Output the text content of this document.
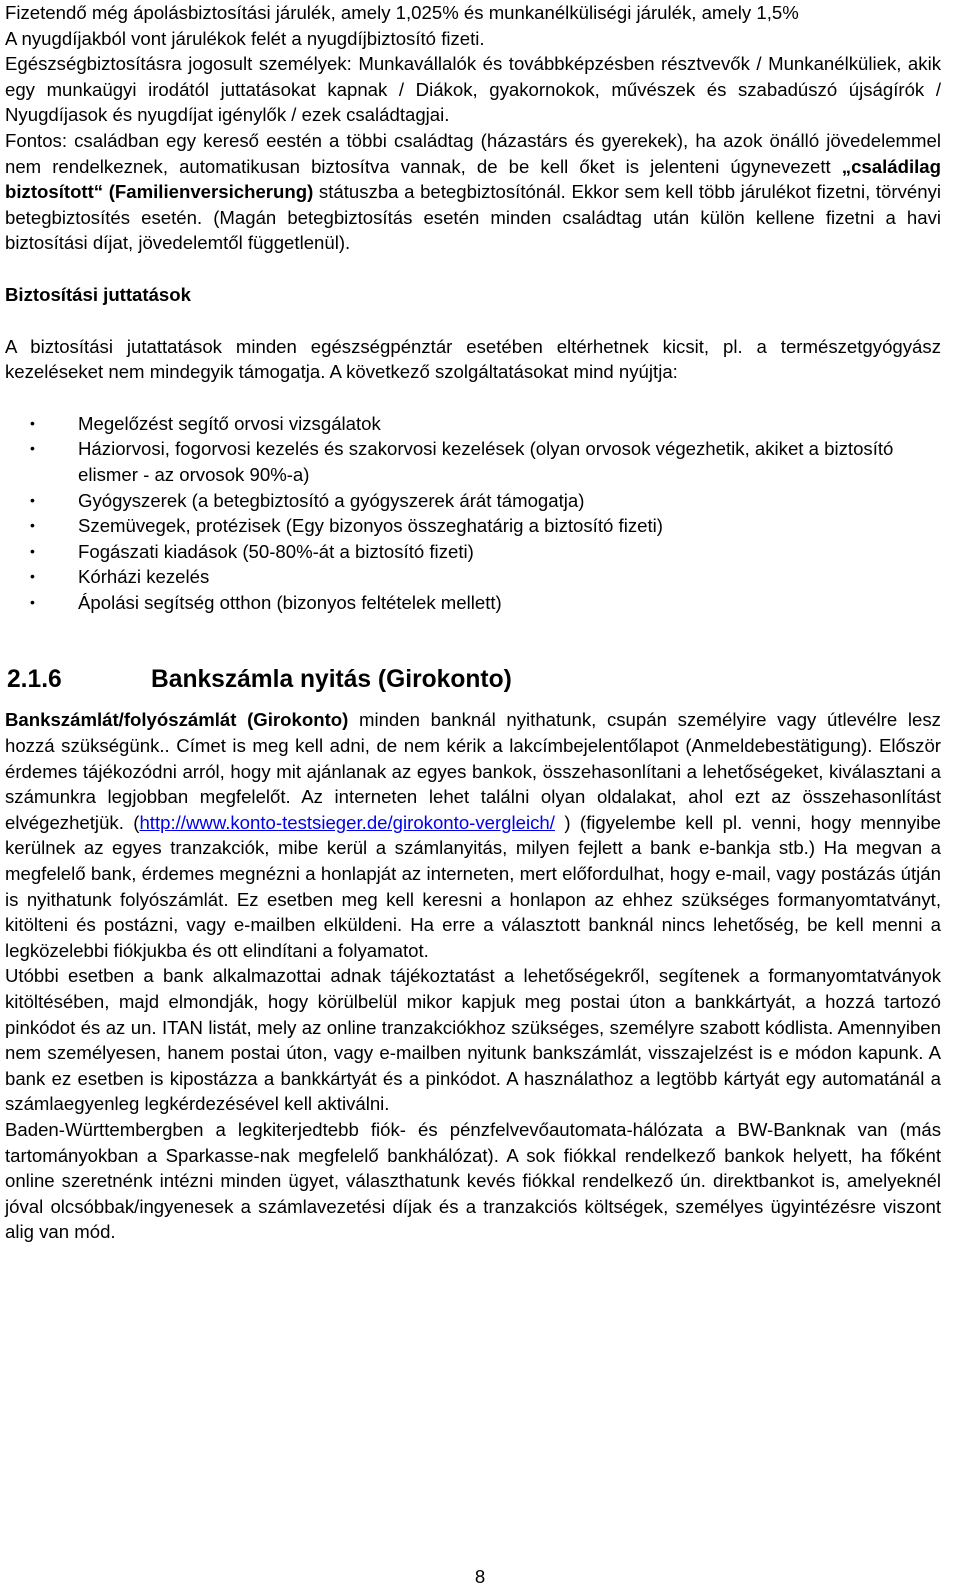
Fizetendő még ápolásbiztosítási járulék, amely 1,025% és munkanélküliségi járulék, amely 1,5%

A nyugdíjakból vont járulékok felét a nyugdíjbiztosító fizeti.

Egészségbiztosításra jogosult személyek: Munkavállalók és továbbképzésben résztvevők / Munkanélküliek, akik egy munkaügyi irodától juttatásokat kapnak / Diákok, gyakornokok, művészek és szabadúszó újságírók / Nyugdíjasok és nyugdíjat igénylők / ezek családtagjai.

Fontos: családban egy kereső eestén a többi családtag (házastárs és gyerekek), ha azok önálló jövedelemmel nem rendelkeznek, automatikusan biztosítva vannak, de be kell őket is jelenteni úgynevezett „családilag biztosított“ (Familienversicherung) státuszba a betegbiztosítónál. Ekkor sem kell több járulékot fizetni, törvényi betegbiztosítés esetén. (Magán betegbiztosítás esetén minden családtag után külön kellene fizetni a havi biztosítási díjat, jövedelemtől függetlenül).

Biztosítási juttatások

A biztosítási jutattatások minden egészségpénztár esetében eltérhetnek kicsit, pl. a természetgyógyász kezeléseket nem mindegyik támogatja. A következő szolgáltatásokat mind nyújtja:

• Megelőzést segítő orvosi vizsgálatok
• Háziorvosi, fogorvosi kezelés és szakorvosi kezelések (olyan orvosok végezhetik, akiket a biztosító elismer - az orvosok 90%-a)
• Gyógyszerek (a betegbiztosító a gyógyszerek árát támogatja)
• Szemüvegek, protézisek (Egy bizonyos összeghatárig a biztosító fizeti)
• Fogászati kiadások (50-80%-át a biztosító fizeti)
• Kórházi kezelés
• Ápolási segítség otthon (bizonyos feltételek mellett)

2.1.6	Bankszámla nyitás (Girokonto)

Bankszámlát/folyószámlát (Girokonto) minden banknál nyithatunk, csupán személyire vagy útlevélre lesz hozzá szükségünk.. Címet is meg kell adni, de nem kérik a lakcímbejelentőlapot (Anmeldebestätigung). Először érdemes tájékozódni arról, hogy mit ajánlanak az egyes bankok, összehasonlítani a lehetőségeket, kiválasztani a számunkra legjobban megfelelőt. Az interneten lehet találni olyan oldalakat, ahol ezt az összehasonlítást elvégezhetjük. (http://www.konto-testsieger.de/girokonto-vergleich/ ) (figyelembe kell pl. venni, hogy mennyibe kerülnek az egyes tranzakciók, mibe kerül a számlanyitás, milyen fejlett a bank e-bankja stb.) Ha megvan a megfelelő bank, érdemes megnézni a honlapját az interneten, mert előfordulhat, hogy e-mail, vagy postázás útján is nyithatunk folyószámlát. Ez esetben meg kell keresni a honlapon az ehhez szükséges formanyomtatványt, kitölteni és postázni, vagy e-mailben elküldeni. Ha erre a választott banknál nincs lehetőség, be kell menni a legközelebbi fiókjukba és ott elindítani a folyamatot.

Utóbbi esetben a bank alkalmazottai adnak tájékoztatást a lehetőségekről, segítenek a formanyomtatványok kitöltésében, majd elmondják, hogy körülbelül mikor kapjuk meg postai úton a bankkártyát, a hozzá tartozó pinkódot és az un. ITAN listát, mely az online tranzakciókhoz szükséges, személyre szabott kódlista. Amennyiben nem személyesen, hanem postai úton, vagy e-mailben nyitunk bankszámlát, visszajelzést is e módon kapunk. A bank ez esetben is kipostázza a bankkártyát és a pinkódot. A használathoz a legtöbb kártyát egy automatánál a számlaegyenleg legkérdezésével kell aktiválni.

Baden-Württembergben a legkiterjedtebb fiók- és pénzfelvevőautomata-hálózata a BW-Banknak van (más tartományokban a Sparkasse-nak megfelelő bankhálózat). A sok fiókkal rendelkező bankok helyett, ha főként online szeretnénk intézni minden ügyet, választhatunk kevés fiókkal rendelkező ún. direktbankot is, amelyeknél jóval olcsóbbak/ingyenesek a számlavezetési díjak és a tranzakciós költségek, személyes ügyintézésre viszont alig van mód.

8
